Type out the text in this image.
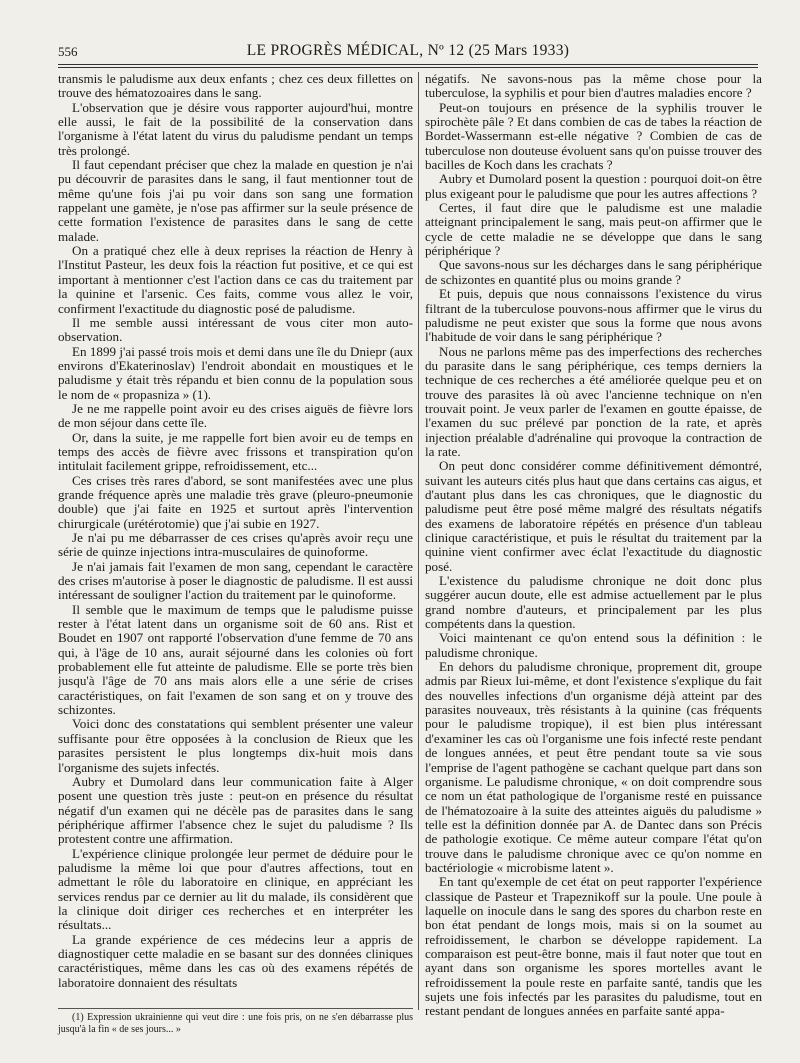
556	LE PROGRÈS MÉDICAL, Nº 12 (25 Mars 1933)

transmis le paludisme aux deux enfants ; chez ces deux fillettes on trouve des hématozoaires dans le sang.

L'observation que je désire vous rapporter aujourd'hui, montre elle aussi, le fait de la possibilité de la conservation dans l'organisme à l'état latent du virus du paludisme pendant un temps très prolongé.

Il faut cependant préciser que chez la malade en question je n'ai pu découvrir de parasites dans le sang, il faut mentionner tout de même qu'une fois j'ai pu voir dans son sang une formation rappelant une gamète, je n'ose pas affirmer sur la seule présence de cette formation l'existence de parasites dans le sang de cette malade.

On a pratiqué chez elle à deux reprises la réaction de Henry à l'Institut Pasteur, les deux fois la réaction fut positive, et ce qui est important à mentionner c'est l'action dans ce cas du traitement par la quinine et l'arsenic. Ces faits, comme vous allez le voir, confirment l'exactitude du diagnostic posé de paludisme.

Il me semble aussi intéressant de vous citer mon auto-observation.

En 1899 j'ai passé trois mois et demi dans une île du Dniepr (aux environs d'Ekaterinoslav) l'endroit abondait en moustiques et le paludisme y était très répandu et bien connu de la population sous le nom de « propasniza » (1).

Je ne me rappelle point avoir eu des crises aiguës de fièvre lors de mon séjour dans cette île.

Or, dans la suite, je me rappelle fort bien avoir eu de temps en temps des accès de fièvre avec frissons et transpiration qu'on intitulait facilement grippe, refroidissement, etc...

Ces crises très rares d'abord, se sont manifestées avec une plus grande fréquence après une maladie très grave (pleuro-pneumonie double) que j'ai faite en 1925 et surtout après l'intervention chirurgicale (urétérotomie) que j'ai subie en 1927.

Je n'ai pu me débarrasser de ces crises qu'après avoir reçu une série de quinze injections intra-musculaires de quinoforme.

Je n'ai jamais fait l'examen de mon sang, cependant le caractère des crises m'autorise à poser le diagnostic de paludisme. Il est aussi intéressant de souligner l'action du traitement par le quinoforme.

Il semble que le maximum de temps que le paludisme puisse rester à l'état latent dans un organisme soit de 60 ans. Rist et Boudet en 1907 ont rapporté l'observation d'une femme de 70 ans qui, à l'âge de 10 ans, aurait séjourné dans les colonies où fort probablement elle fut atteinte de paludisme. Elle se porte très bien jusqu'à l'âge de 70 ans mais alors elle a une série de crises caractéristiques, on fait l'examen de son sang et on y trouve des schizontes.

Voici donc des constatations qui semblent présenter une valeur suffisante pour être opposées à la conclusion de Rieux que les parasites persistent le plus longtemps dix-huit mois dans l'organisme des sujets infectés.

Aubry et Dumolard dans leur communication faite à Alger posent une question très juste : peut-on en présence du résultat négatif d'un examen qui ne décèle pas de parasites dans le sang périphérique affirmer l'absence chez le sujet du paludisme ? Ils protestent contre une affirmation.

L'expérience clinique prolongée leur permet de déduire pour le paludisme la même loi que pour d'autres affections, tout en admettant le rôle du laboratoire en clinique, en appréciant les services rendus par ce dernier au lit du malade, ils considèrent que la clinique doit diriger ces recherches et en interpréter les résultats...

La grande expérience de ces médecins leur a appris de diagnostiquer cette maladie en se basant sur des données cliniques caractéristiques, même dans les cas où des examens répétés de laboratoire donnaient des résultats

négatifs. Ne savons-nous pas la même chose pour la tuberculose, la syphilis et pour bien d'autres maladies encore ?

Peut-on toujours en présence de la syphilis trouver le spirochète pâle ? Et dans combien de cas de tabes la réaction de Bordet-Wassermann est-elle négative ? Combien de cas de tuberculose non douteuse évoluent sans qu'on puisse trouver des bacilles de Koch dans les crachats ?

Aubry et Dumolard posent la question : pourquoi doit-on être plus exigeant pour le paludisme que pour les autres affections ?

Certes, il faut dire que le paludisme est une maladie atteignant principalement le sang, mais peut-on affirmer que le cycle de cette maladie ne se développe que dans le sang périphérique ?

Que savons-nous sur les décharges dans le sang périphérique de schizontes en quantité plus ou moins grande ?

Et puis, depuis que nous connaissons l'existence du virus filtrant de la tuberculose pouvons-nous affirmer que le virus du paludisme ne peut exister que sous la forme que nous avons l'habitude de voir dans le sang périphérique ?

Nous ne parlons même pas des imperfections des recherches du parasite dans le sang périphérique, ces temps derniers la technique de ces recherches a été améliorée quelque peu et on trouve des parasites là où avec l'ancienne technique on n'en trouvait point. Je veux parler de l'examen en goutte épaisse, de l'examen du suc prélevé par ponction de la rate, et après injection préalable d'adrénaline qui provoque la contraction de la rate.

On peut donc considérer comme définitivement démontré, suivant les auteurs cités plus haut que dans certains cas aigus, et d'autant plus dans les cas chroniques, que le diagnostic du paludisme peut être posé même malgré des résultats négatifs des examens de laboratoire répétés en présence d'un tableau clinique caractéristique, et puis le résultat du traitement par la quinine vient confirmer avec éclat l'exactitude du diagnostic posé.

L'existence du paludisme chronique ne doit donc plus suggérer aucun doute, elle est admise actuellement par le plus grand nombre d'auteurs, et principalement par les plus compétents dans la question.

Voici maintenant ce qu'on entend sous la définition : le paludisme chronique.

En dehors du paludisme chronique, proprement dit, groupe admis par Rieux lui-même, et dont l'existence s'explique du fait des nouvelles infections d'un organisme déjà atteint par des parasites nouveaux, très résistants à la quinine (cas fréquents pour le paludisme tropique), il est bien plus intéressant d'examiner les cas où l'organisme une fois infecté reste pendant de longues années, et peut être pendant toute sa vie sous l'emprise de l'agent pathogène se cachant quelque part dans son organisme. Le paludisme chronique, « on doit comprendre sous ce nom un état pathologique de l'organisme resté en puissance de l'hématozoaire à la suite des atteintes aiguës du paludisme » telle est la définition donnée par A. de Dantec dans son Précis de pathologie exotique. Ce même auteur compare l'état qu'on trouve dans le paludisme chronique avec ce qu'on nomme en bactériologie « microbisme latent ».

En tant qu'exemple de cet état on peut rapporter l'expérience classique de Pasteur et Trapeznikoff sur la poule. Une poule à laquelle on inocule dans le sang des spores du charbon reste en bon état pendant de longs mois, mais si on la soumet au refroidissement, le charbon se développe rapidement. La comparaison est peut-être bonne, mais il faut noter que tout en ayant dans son organisme les spores mortelles avant le refroidissement la poule reste en parfaite santé, tandis que les sujets une fois infectés par les parasites du paludisme, tout en restant pendant de longues années en parfaite santé appa-

(1) Expression ukrainienne qui veut dire : une fois pris, on ne s'en débarrasse plus jusqu'à la fin « de ses jours... »
